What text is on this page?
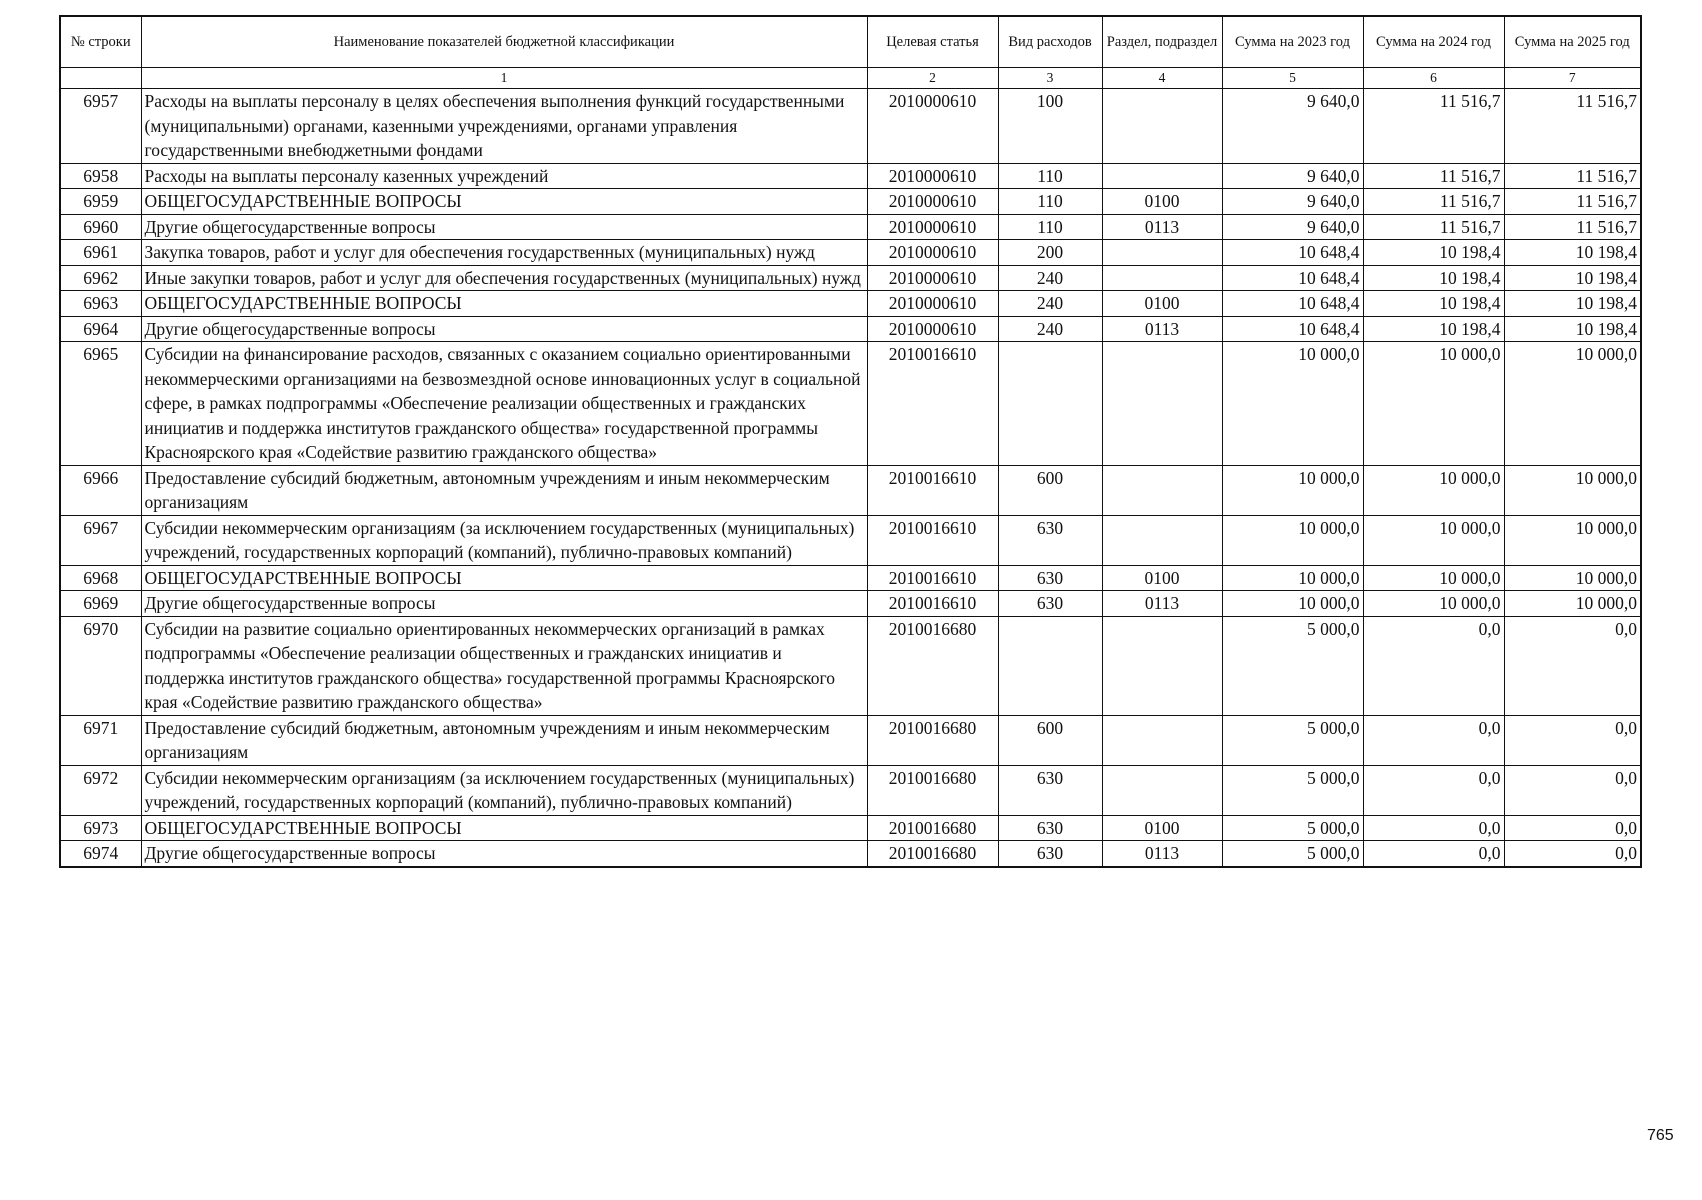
№ строки	Наименование показателей бюджетной классификации	Целевая статья	Вид расходов	Раздел, подраздел	Сумма на 2023 год	Сумма на 2024 год	Сумма на 2025 год
	1	2	3	4	5	6	7
6957	Расходы на выплаты персоналу в целях обеспечения выполнения функций государственными (муниципальными) органами, казенными учреждениями, органами управления государственными внебюджетными фондами	2010000610	100		9 640,0	11 516,7	11 516,7
6958	Расходы на выплаты персоналу казенных учреждений	2010000610	110		9 640,0	11 516,7	11 516,7
6959	ОБЩЕГОСУДАРСТВЕННЫЕ ВОПРОСЫ	2010000610	110	0100	9 640,0	11 516,7	11 516,7
6960	Другие общегосударственные вопросы	2010000610	110	0113	9 640,0	11 516,7	11 516,7
6961	Закупка товаров, работ и услуг для обеспечения государственных (муниципальных) нужд	2010000610	200		10 648,4	10 198,4	10 198,4
6962	Иные закупки товаров, работ и услуг для обеспечения государственных (муниципальных) нужд	2010000610	240		10 648,4	10 198,4	10 198,4
6963	ОБЩЕГОСУДАРСТВЕННЫЕ ВОПРОСЫ	2010000610	240	0100	10 648,4	10 198,4	10 198,4
6964	Другие общегосударственные вопросы	2010000610	240	0113	10 648,4	10 198,4	10 198,4
6965	Субсидии на финансирование расходов, связанных с оказанием социально ориентированными некоммерческими организациями на безвозмездной основе инновационных услуг в социальной сфере, в рамках подпрограммы «Обеспечение реализации общественных и гражданских инициатив и поддержка институтов гражданского общества» государственной программы Красноярского края «Содействие развитию гражданского общества»	2010016610			10 000,0	10 000,0	10 000,0
6966	Предоставление субсидий бюджетным, автономным учреждениям и иным некоммерческим организациям	2010016610	600		10 000,0	10 000,0	10 000,0
6967	Субсидии некоммерческим организациям (за исключением государственных (муниципальных) учреждений, государственных корпораций (компаний), публично-правовых компаний)	2010016610	630		10 000,0	10 000,0	10 000,0
6968	ОБЩЕГОСУДАРСТВЕННЫЕ ВОПРОСЫ	2010016610	630	0100	10 000,0	10 000,0	10 000,0
6969	Другие общегосударственные вопросы	2010016610	630	0113	10 000,0	10 000,0	10 000,0
6970	Субсидии на развитие социально ориентированных некоммерческих организаций в рамках подпрограммы «Обеспечение реализации общественных и гражданских инициатив и поддержка институтов гражданского общества» государственной программы Красноярского края «Содействие развитию гражданского общества»	2010016680			5 000,0	0,0	0,0
6971	Предоставление субсидий бюджетным, автономным учреждениям и иным некоммерческим организациям	2010016680	600		5 000,0	0,0	0,0
6972	Субсидии некоммерческим организациям (за исключением государственных (муниципальных) учреждений, государственных корпораций (компаний), публично-правовых компаний)	2010016680	630		5 000,0	0,0	0,0
6973	ОБЩЕГОСУДАРСТВЕННЫЕ ВОПРОСЫ	2010016680	630	0100	5 000,0	0,0	0,0
6974	Другие общегосударственные вопросы	2010016680	630	0113	5 000,0	0,0	0,0
765
